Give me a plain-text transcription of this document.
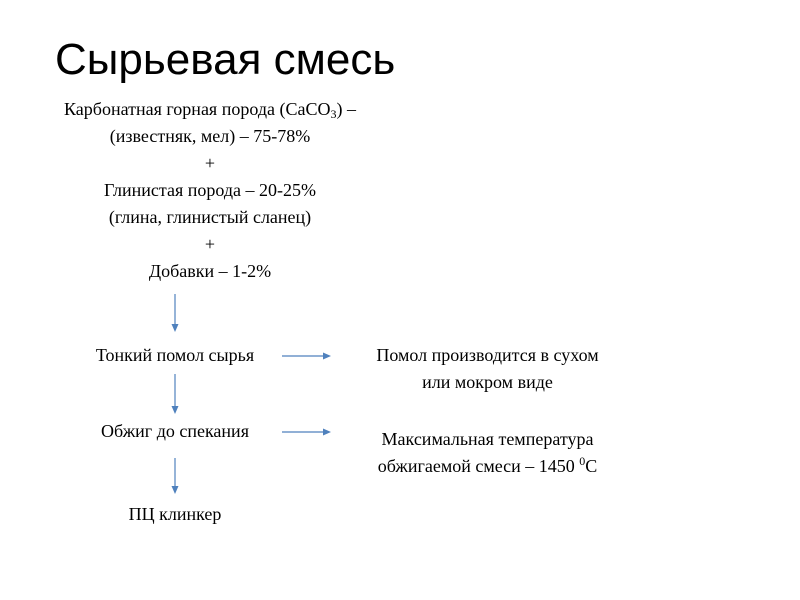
Сырьевая смесь
Карбонатная горная порода (CaCO$_3$) –
(известняк, мел) – 75-78%
+
Глинистая порода – 20-25%
(глина, глинистый сланец)
+
Добавки – 1-2%
Тонкий помол сырья
Обжиг до спекания
ПЦ клинкер
Помол производится в сухом
или мокром виде
Максимальная температура
обжигаемой смеси – 1450 $^0$С
